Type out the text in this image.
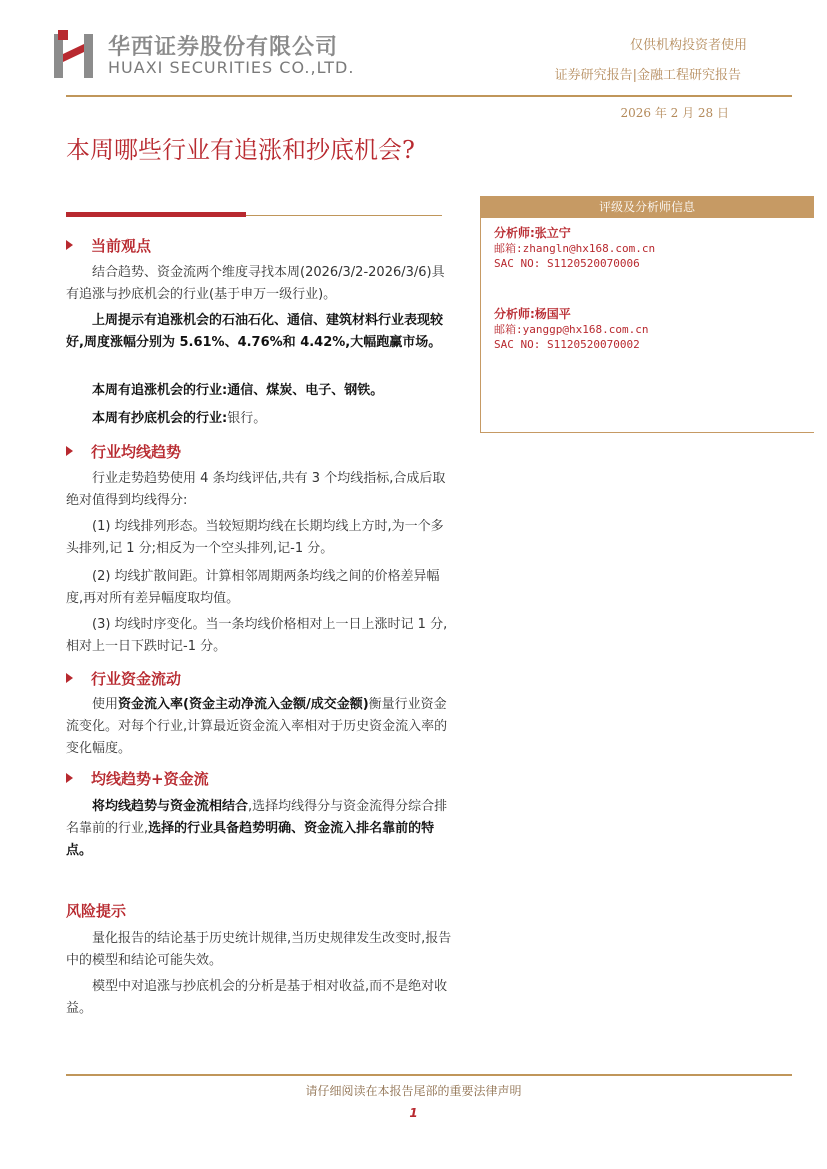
华西证券股份有限公司
HUAXI SECURITIES CO.,LTD.
仅供机构投资者使用
证券研究报告|金融工程研究报告
2026 年 2 月 28 日
本周哪些行业有追涨和抄底机会?
当前观点
结合趋势、资金流两个维度寻找本周(2026/3/2-2026/3/6)具有追涨与抄底机会的行业(基于申万一级行业)。
上周提示有追涨机会的石油石化、通信、建筑材料行业表现较好,周度涨幅分别为 5.61%、4.76%和 4.42%,大幅跑赢市场。
本周有追涨机会的行业:通信、煤炭、电子、钢铁。
本周有抄底机会的行业:银行。
行业均线趋势
行业走势趋势使用 4 条均线评估,共有 3 个均线指标,合成后取绝对值得到均线得分:
(1) 均线排列形态。当较短期均线在长期均线上方时,为一个多头排列,记 1 分;相反为一个空头排列,记-1 分。
(2) 均线扩散间距。计算相邻周期两条均线之间的价格差异幅度,再对所有差异幅度取均值。
(3) 均线时序变化。当一条均线价格相对上一日上涨时记 1 分,相对上一日下跌时记-1 分。
行业资金流动
使用资金流入率(资金主动净流入金额/成交金额)衡量行业资金流变化。对每个行业,计算最近资金流入率相对于历史资金流入率的变化幅度。
均线趋势+资金流
将均线趋势与资金流相结合,选择均线得分与资金流得分综合排名靠前的行业,选择的行业具备趋势明确、资金流入排名靠前的特点。
风险提示
量化报告的结论基于历史统计规律,当历史规律发生改变时,报告中的模型和结论可能失效。
模型中对追涨与抄底机会的分析是基于相对收益,而不是绝对收益。
评级及分析师信息
分析师:张立宁
邮箱:zhangln@hx168.com.cn
SAC NO: S1120520070006
分析师:杨国平
邮箱:yanggp@hx168.com.cn
SAC NO: S1120520070002
请仔细阅读在本报告尾部的重要法律声明
1
